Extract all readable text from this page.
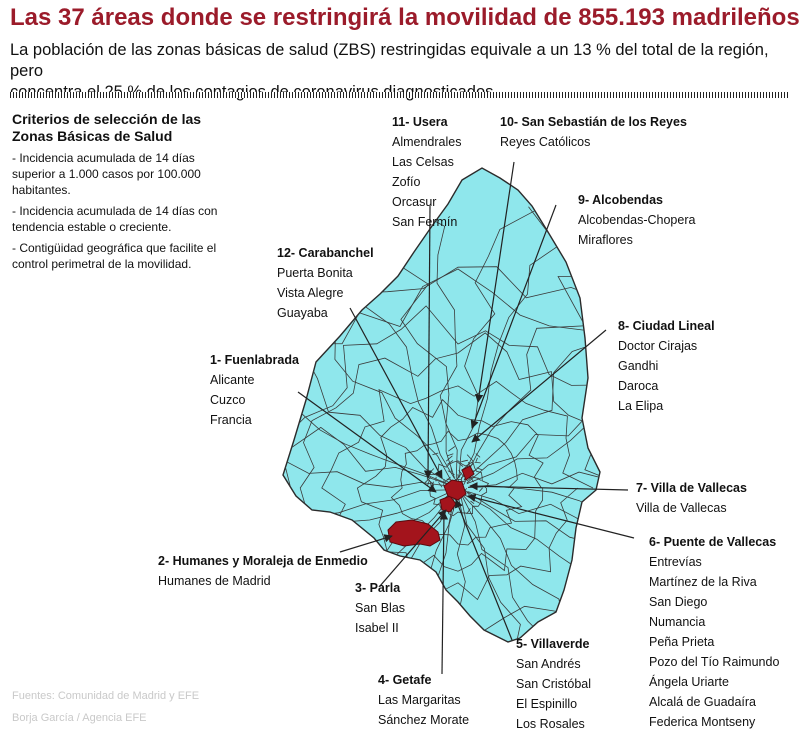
Las 37 áreas donde se restringirá la movilidad de 855.193 madrileños
La población de las zonas básicas de salud (ZBS) restringidas equivale a un 13 % del total de la región, pero
Criterios de selección de las
Zonas Básicas de Salud
- Incidencia acumulada de 14 días
superior a 1.000 casos por 100.000
habitantes.
- Incidencia acumulada de 14 días con
tendencia estable o creciente.
- Contigüidad geográfica que facilite el
control perimetral de la movilidad.
11- Usera
Almendrales
Las Celsas
Zofío
Orcasur
San Fermín
10- San Sebastián de los Reyes
Reyes Católicos
9- Alcobendas
Alcobendas-Chopera
Miraflores
12- Carabanchel
Puerta Bonita
Vista Alegre
Guayaba
8- Ciudad Lineal
Doctor Cirajas
Gandhi
Daroca
La Elipa
1- Fuenlabrada
Alicante
Cuzco
Francia
7- Villa de Vallecas
Villa de Vallecas
6- Puente de Vallecas
Entrevías
Martínez de la Riva
San Diego
Numancia
Peña Prieta
Pozo del Tío Raimundo
Ángela Uriarte
Alcalá de Guadaíra
Federica Montseny
2- Humanes y Moraleja de Enmedio
Humanes de Madrid	3- Parla
San Blas
Isabel II
5- Villaverde
San Andrés
San Cristóbal
El Espinillo
Los Rosales
4- Getafe
Las Margaritas
Sánchez Morate
Fuentes: Comunidad de Madrid y EFE
Borja García / Agencia EFE
